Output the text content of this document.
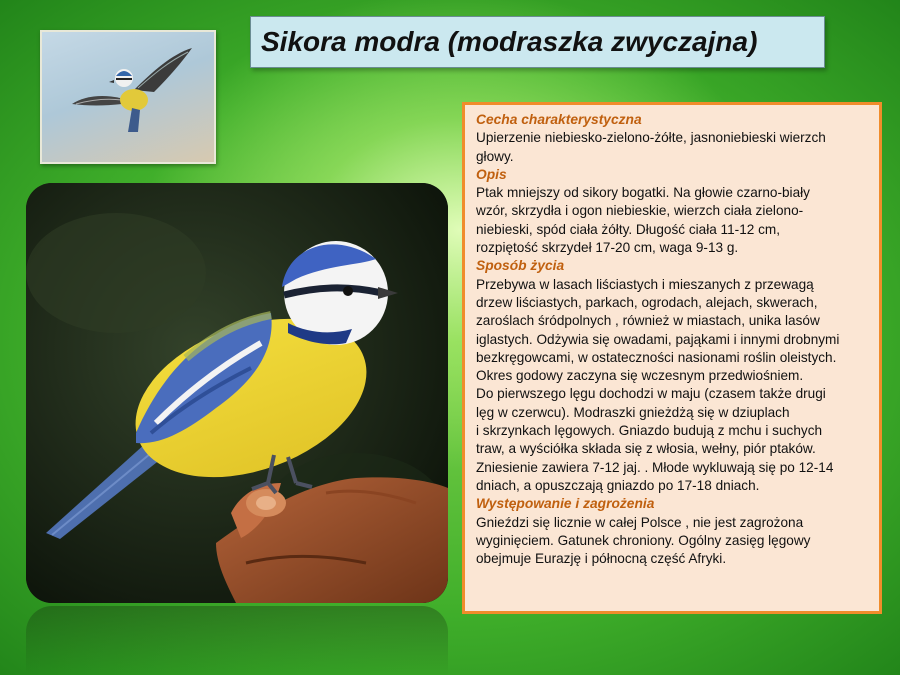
Sikora modra (modraszka zwyczajna)
Cecha charakterystyczna

Upierzenie niebiesko-zielono-żółte, jasnoniebieski wierzch

głowy.

Opis

Ptak mniejszy od sikory bogatki. Na głowie czarno-biały

wzór, skrzydła i ogon niebieskie, wierzch ciała zielono-

niebieski, spód ciała żółty. Długość ciała 11-12 cm,

rozpiętość skrzydeł 17-20 cm, waga 9-13 g.

Sposób życia

Przebywa w lasach liściastych i mieszanych z przewagą

drzew liściastych, parkach, ogrodach, alejach, skwerach,

zaroślach śródpolnych , również w miastach, unika lasów

iglastych. Odżywia się owadami, pająkami i innymi drobnymi

bezkręgowcami, w ostateczności nasionami roślin oleistych.

Okres godowy zaczyna się wczesnym przedwiośniem.

Do pierwszego lęgu dochodzi w maju (czasem także drugi

lęg w czerwcu). Modraszki gnieżdżą się w dziuplach

i skrzynkach lęgowych. Gniazdo budują z mchu i suchych

traw, a wyściółka składa się z włosia, wełny, piór ptaków.

Zniesienie zawiera 7-12 jaj. . Młode wykluwają się po 12-14

dniach, a opuszczają gniazdo po 17-18 dniach.

Występowanie i zagrożenia

Gnieździ się licznie w całej Polsce , nie jest zagrożona

wyginięciem. Gatunek chroniony. Ogólny zasięg lęgowy

obejmuje Eurazję i północną część Afryki.
